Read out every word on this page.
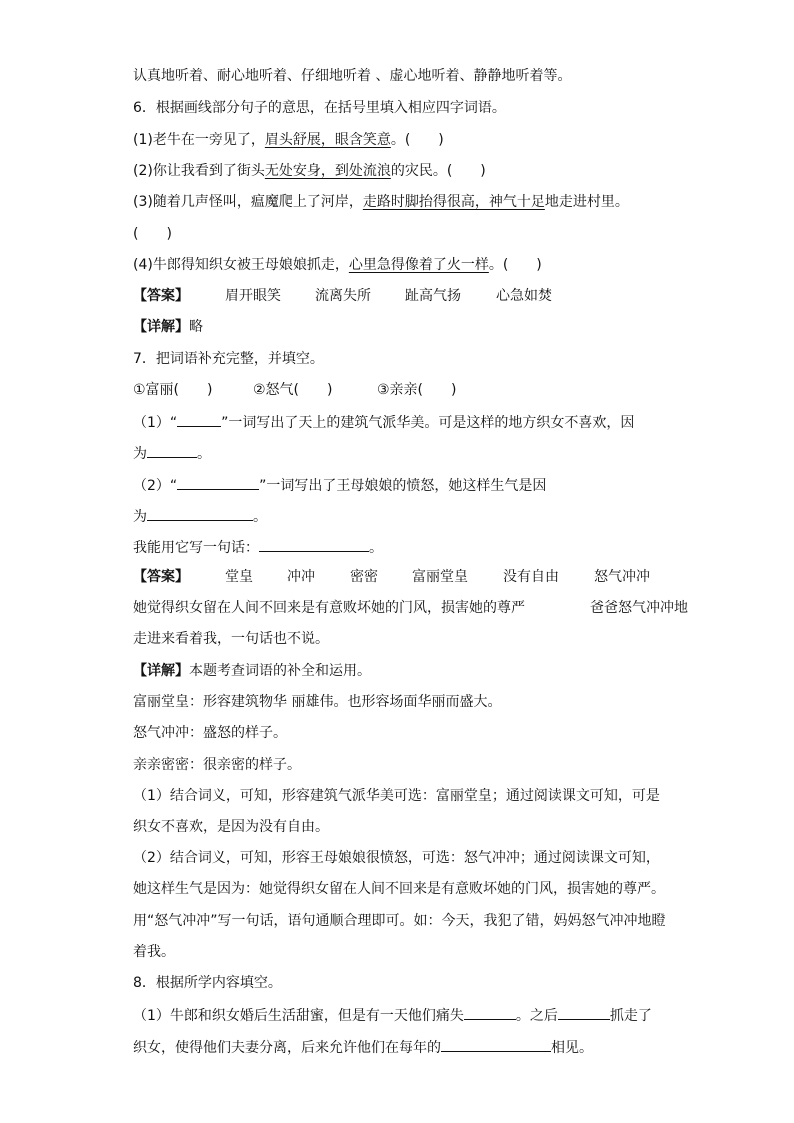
认真地听着、耐心地听着、仔细地听着 、虚心地听着、静静地听着等。
6．根据画线部分句子的意思，在括号里填入相应四字词语。
(1)老牛在一旁见了，眉头舒展，眼含笑意。(　　)
(2)你让我看到了街头无处安身，到处流浪的灾民。(　　)
(3)随着几声怪叫，瘟魔爬上了河岸，走路时脚抬得很高，神气十足地走进村里。
(　　)
(4)牛郎得知织女被王母娘娘抓走，心里急得像着了火一样。(　　)
【答案】	眉开眼笑 流离失所 趾高气扬	心急如焚
【详解】略
7．把词语补充完整，并填空。
①富丽(　　)	②怒气(　　)	③亲亲(　　)
（1）“	”一词写出了天上的建筑气派华美。可是这样的地方织女不喜欢，因
为	。
（2）“	”一词写出了王母娘娘的愤怒，她这样生气是因
为	。
我能用它写一句话：	。
【答案】	堂皇 冲冲	密密 富丽堂皇	没有自由	怒气冲冲
她觉得织女留在人间不回来是有意败坏她的门风，损害她的尊严	爸爸怒气冲冲地
走进来看着我，一句话也不说。
【详解】本题考查词语的补全和运用。
富丽堂皇：形容建筑物华 丽雄伟。也形容场面华丽而盛大。
怒气冲冲：盛怒的样子。
亲亲密密：很亲密的样子。
（1）结合词义，可知，形容建筑气派华美可选：富丽堂皇；通过阅读课文可知，可是
织女不喜欢，是因为没有自由。
（2）结合词义，可知，形容王母娘娘很愤怒，可选：怒气冲冲；通过阅读课文可知，
她这样生气是因为：她觉得织女留在人间不回来是有意败坏她的门风，损害她的尊严。
用“怒气冲冲”写一句话，语句通顺合理即可。如：今天，我犯了错，妈妈怒气冲冲地瞪
着我。
8．根据所学内容填空。
（1）牛郎和织女婚后生活甜蜜，但是有一天他们痛失	。之后	抓走了
织女，使得他们夫妻分离，后来允许他们在每年的	相见。
